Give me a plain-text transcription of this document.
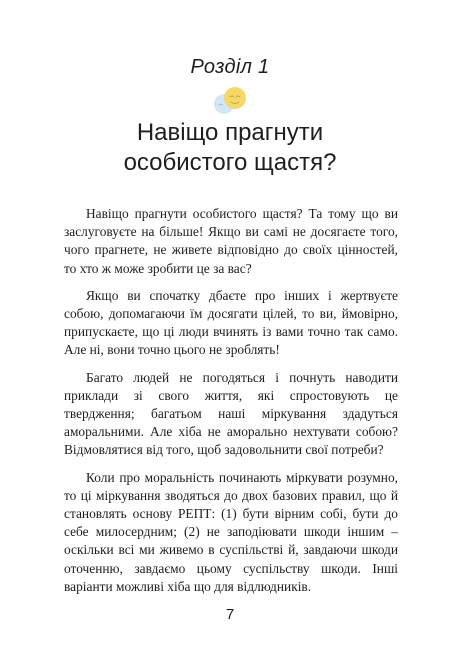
Розділ 1
Навіщо прагнути
особистого щастя?

Навіщо прагнути особистого щастя? Та тому що ви заслуговуєте на більше! Якщо ви самі не досягаєте того, чого прагнете, не живете відповідно до своїх цінностей, то хто ж може зробити це за вас?

Якщо ви спочатку дбаєте про інших і жертвуєте собою, допомагаючи їм досягати цілей, то ви, ймовірно, припускаєте, що ці люди вчинять із вами точно так само. Але ні, вони точно цього не зроблять!

Багато людей не погодяться і почнуть наводити приклади зі свого життя, які спростовують це твердження; багатьом наші міркування здадуться аморальними. Але хіба не аморально нехтувати собою? Відмовлятися від того, щоб задовольнити свої потреби?

Коли про моральність починають міркувати розумно, то ці міркування зводяться до двох базових правил, що й становлять основу РЕПТ: (1) бути вірним собі, бути до себе милосердним; (2) не заподіювати шкоди іншим – оскільки всі ми живемо в суспільстві й, завдаючи шкоди оточенню, завдаємо цьому суспільству шкоди. Інші варіанти можливі хіба що для відлюдників.

7
